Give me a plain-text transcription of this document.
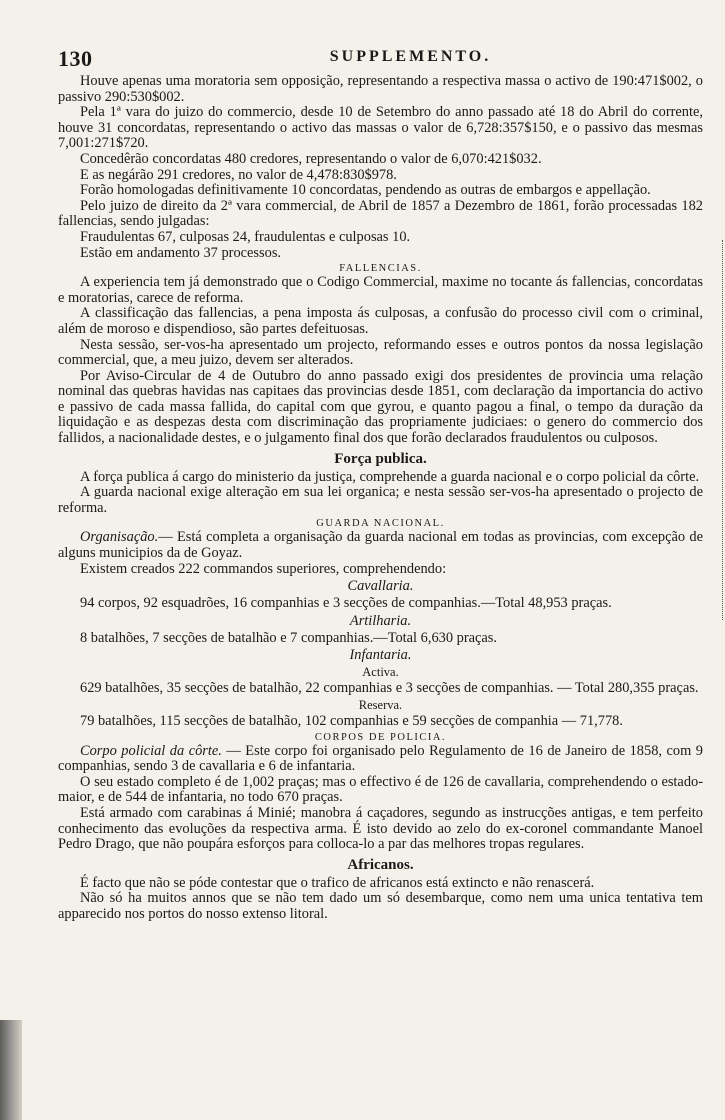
130	SUPPLEMENTO.

Houve apenas uma moratoria sem opposição, representando a respectiva massa o activo de 190:471$002, o passivo 290:530$002.

Pela 1ª vara do juizo do commercio, desde 10 de Setembro do anno passado até 18 do Abril do corrente, houve 31 concordatas, representando o activo das massas o valor de 6,728:357$150, e o passivo das mesmas 7,001:271$720.

Concedêrão concordatas 480 credores, representando o valor de 6,070:421$032.

E as negárão 291 credores, no valor de 4,478:830$978.

Forão homologadas definitivamente 10 concordatas, pendendo as outras de embargos e appellação.

Pelo juizo de direito da 2ª vara commercial, de Abril de 1857 a Dezembro de 1861, forão processadas 182 fallencias, sendo julgadas:

Fraudulentas 67, culposas 24, fraudulentas e culposas 10.

Estão em andamento 37 processos.

FALLENCIAS.

A experiencia tem já demonstrado que o Codigo Commercial, maxime no tocante ás fallencias, concordatas e moratorias, carece de reforma.

A classificação das fallencias, a pena imposta ás culposas, a confusão do processo civil com o criminal, além de moroso e dispendioso, são partes defeituosas.

Nesta sessão, ser-vos-ha apresentado um projecto, reformando esses e outros pontos da nossa legislação commercial, que, a meu juizo, devem ser alterados.

Por Aviso-Circular de 4 de Outubro do anno passado exigi dos presidentes de provincia uma relação nominal das quebras havidas nas capitaes das provincias desde 1851, com declaração da importancia do activo e passivo de cada massa fallida, do capital com que gyrou, e quanto pagou a final, o tempo da duração da liquidação e as despezas desta com discriminação das propriamente judiciaes: o genero do commercio dos fallidos, a nacionalidade destes, e o julgamento final dos que forão declarados fraudulentos ou culposos.

Força publica.

A força publica á cargo do ministerio da justiça, comprehende a guarda nacional e o corpo policial da côrte.

A guarda nacional exige alteração em sua lei organica; e nesta sessão ser-vos-ha apresentado o projecto de reforma.

GUARDA NACIONAL.

Organisação.— Está completa a organisação da guarda nacional em todas as provincias, com excepção de alguns municipios da de Goyaz.

Existem creados 222 commandos superiores, comprehendendo:

Cavallaria.

94 corpos, 92 esquadrões, 16 companhias e 3 secções de companhias.—Total 48,953 praças.

Artilharia.

8 batalhões, 7 secções de batalhão e 7 companhias.—Total 6,630 praças.

Infantaria.
Activa.

629 batalhões, 35 secções de batalhão, 22 companhias e 3 secções de companhias. — Total 280,355 praças.

Reserva.

79 batalhões, 115 secções de batalhão, 102 companhias e 59 secções de companhia — 71,778.

CORPOS DE POLICIA.

Corpo policial da côrte. — Este corpo foi organisado pelo Regulamento de 16 de Janeiro de 1858, com 9 companhias, sendo 3 de cavallaria e 6 de infantaria.

O seu estado completo é de 1,002 praças; mas o effectivo é de 126 de cavallaria, comprehendendo o estado-maior, e de 544 de infantaria, no todo 670 praças.

Está armado com carabinas á Minié; manobra á caçadores, segundo as instrucções antigas, e tem perfeito conhecimento das evoluções da respectiva arma. É isto devido ao zelo do ex-coronel commandante Manoel Pedro Drago, que não poupára esforços para colloca-lo a par das melhores tropas regulares.

Africanos.

É facto que não se póde contestar que o trafico de africanos está extincto e não renascerá.

Não só ha muitos annos que se não tem dado um só desembarque, como nem uma unica tentativa tem apparecido nos portos do nosso extenso litoral.
